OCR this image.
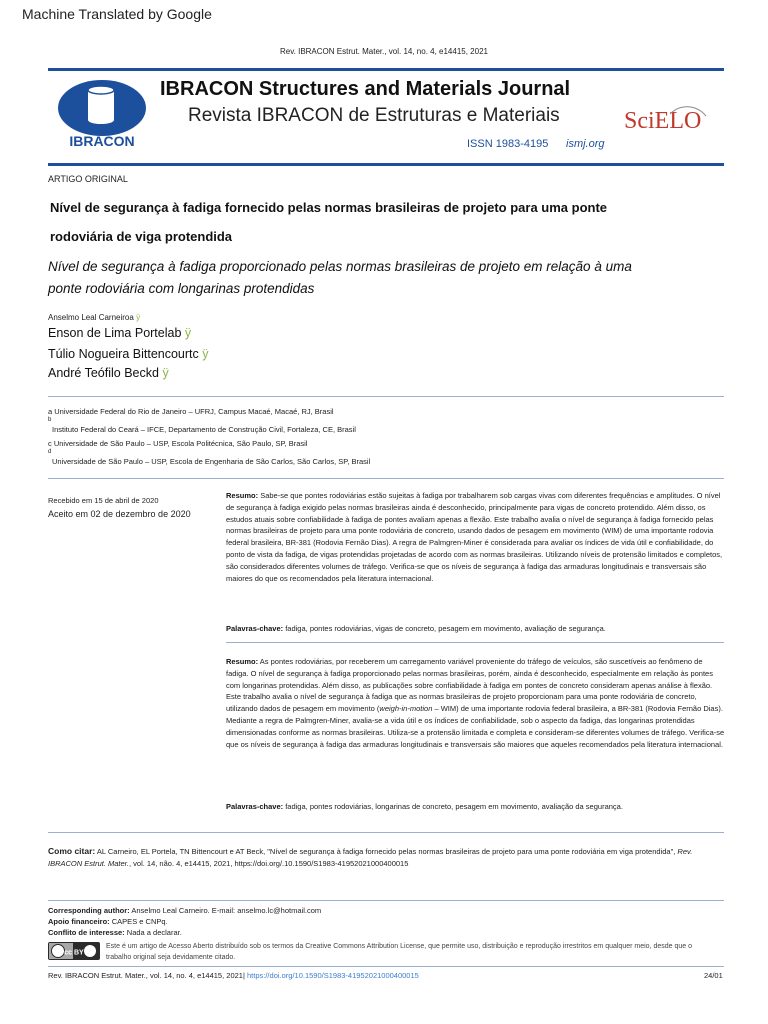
Machine Translated by Google
Rev. IBRACON Estrut. Mater., vol. 14, no. 4, e14415, 2021
IBRACON
IBRACON Structures and Materials Journal
Revista IBRACON de Estruturas e Materiais
ISSN 1983-4195 ismj.org
SciELO
ARTIGO ORIGINAL
Nível de segurança à fadiga fornecido pelas normas brasileiras de projeto para uma ponte
rodoviária de viga protendida
Nível de segurança à fadiga proporcionado pelas normas brasileiras de projeto em relação à uma
ponte rodoviária com longarinas protendidas
Anselmo Leal Carneiroa ÿ
Enson de Lima Portelab ÿ
Túlio Nogueira Bittencourtc ÿ
André Teófilo Beckd ÿ
a Universidade Federal do Rio de Janeiro – UFRJ, Campus Macaé, Macaé, RJ, Brasil
$^b$
Instituto Federal do Ceará – IFCE, Departamento de Construção Civil, Fortaleza, CE, Brasil
c Universidade de São Paulo – USP, Escola Politécnica, São Paulo, SP, Brasil
$^d$
Universidade de São Paulo – USP, Escola de Engenharia de São Carlos, São Carlos, SP, Brasil
Recebido em 15 de abril de 2020
Aceito em 02 de dezembro de 2020
Resumo: Sabe-se que pontes rodoviárias estão sujeitas à fadiga por trabalharem sob cargas vivas com diferentes frequências e amplitudes. O nível de segurança à fadiga exigido pelas normas brasileiras ainda é desconhecido, principalmente para vigas de concreto protendido. Além disso, os estudos atuais sobre confiabilidade à fadiga de pontes avaliam apenas a flexão. Este trabalho avalia o nível de segurança à fadiga fornecido pelas normas brasileiras de projeto para uma ponte rodoviária de concreto, usando dados de pesagem em movimento (WIM) de uma importante rodovia federal brasileira, BR-381 (Rodovia Fernão Dias). A regra de Palmgren-Miner é considerada para avaliar os índices de vida útil e confiabilidade, do ponto de vista da fadiga, de vigas protendidas projetadas de acordo com as normas brasileiras. Utilizando níveis de protensão limitados e completos, são considerados diferentes volumes de tráfego. Verifica-se que os níveis de segurança à fadiga das armaduras longitudinais e transversais são maiores do que os recomendados pela literatura internacional.
Palavras-chave: fadiga, pontes rodoviárias, vigas de concreto, pesagem em movimento, avaliação de segurança.
Resumo: As pontes rodoviárias, por receberem um carregamento variável proveniente do tráfego de veículos, são suscetíveis ao fenômeno de fadiga. O nível de segurança à fadiga proporcionado pelas normas brasileiras, porém, ainda é desconhecido, especialmente em relação às pontes com longarinas protendidas. Além disso, as publicações sobre confiabilidade à fadiga em pontes de concreto consideram apenas análise à flexão. Este trabalho avalia o nível de segurança à fadiga que as normas brasileiras de projeto proporcionam para uma ponte rodoviária de concreto, utilizando dados de pesagem em movimento (weigh-in-motion – WIM) de uma importante rodovia federal brasileira, a BR-381 (Rodovia Fernão Dias). Mediante a regra de Palmgren-Miner, avalia-se a vida útil e os índices de confiabilidade, sob o aspecto da fadiga, das longarinas protendidas dimensionadas conforme as normas brasileiras. Utiliza-se a protensão limitada e completa e consideram-se diferentes volumes de tráfego. Verifica-se que os níveis de segurança à fadiga das armaduras longitudinais e transversais são maiores que aqueles recomendados pela literatura internacional.
Palavras-chave: fadiga, pontes rodoviárias, longarinas de concreto, pesagem em movimento, avaliação da segurança.
Como citar: AL Carneiro, EL Portela, TN Bittencourt e AT Beck, "Nível de segurança à fadiga fornecido pelas normas brasileiras de projeto para uma ponte rodoviária em viga protendida", Rev. IBRACON Estrut. Mater., vol. 14, não. 4, e14415, 2021, https://doi.org/.10.1590/S1983-41952021000400015
Corresponding author: Anselmo Leal Carneiro. E-mail: anselmo.lc@hotmail.com
Apoio financeiro: CAPES e CNPq.
Conflito de interesse: Nada a declarar.
cc BY
Este é um artigo de Acesso Aberto distribuído sob os termos da Creative Commons Attribution License, que permite uso, distribuição e reprodução irrestritos em qualquer meio, desde que o trabalho original seja devidamente citado.
Rev. IBRACON Estrut. Mater., vol. 14, no. 4, e14415, 2021| https://doi.org/10.1590/S1983-41952021000400015	24/01
